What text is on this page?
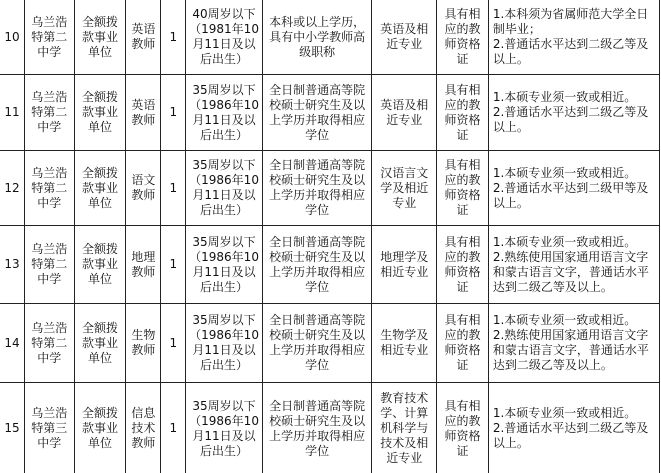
10	乌兰浩特第二中学	全额拨款事业单位	英语教师	1	40周岁以下（1981年10月11日及以后出生）	本科或以上学历，具有中小学教师高级职称	英语及相近专业	具有相应的教师资格证	1.本科须为省属师范大学全日制毕业；
2.普通话水平达到二级乙等及以上。

11	乌兰浩特第二中学	全额拨款事业单位	英语教师	1	35周岁以下（1986年10月11日及以后出生）	全日制普通高等院校硕士研究生及以上学历并取得相应学位	英语及相近专业	具有相应的教师资格证	1.本硕专业须一致或相近。
2.普通话水平达到二级乙等及以上。

12	乌兰浩特第二中学	全额拨款事业单位	语文教师	1	35周岁以下（1986年10月11日及以后出生）	全日制普通高等院校硕士研究生及以上学历并取得相应学位	汉语言文学及相近专业	具有相应的教师资格证	1.本硕专业须一致或相近。
2.普通话水平达到二级甲等及以上。

13	乌兰浩特第二中学	全额拨款事业单位	地理教师	1	35周岁以下（1986年10月11日及以后出生）	全日制普通高等院校硕士研究生及以上学历并取得相应学位	地理学及相近专业	具有相应的教师资格证	1.本硕专业须一致或相近。
2.熟练使用国家通用语言文字和蒙古语言文字，普通话水平达到二级乙等及以上。

14	乌兰浩特第二中学	全额拨款事业单位	生物教师	1	35周岁以下（1986年10月11日及以后出生）	全日制普通高等院校硕士研究生及以上学历并取得相应学位	生物学及相近专业	具有相应的教师资格证	1.本硕专业须一致或相近。
2.熟练使用国家通用语言文字和蒙古语言文字，普通话水平达到二级乙等及以上。

15	乌兰浩特第三中学	全额拨款事业单位	信息技术教师	1	35周岁以下（1986年10月11日及以后出生）	全日制普通高等院校硕士研究生及以上学历并取得相应学位	教育技术学、计算机科学与技术及相近专业	具有相应的教师资格证	1.本硕专业须一致或相近。
2.普通话水平达到二级乙等及以上。
